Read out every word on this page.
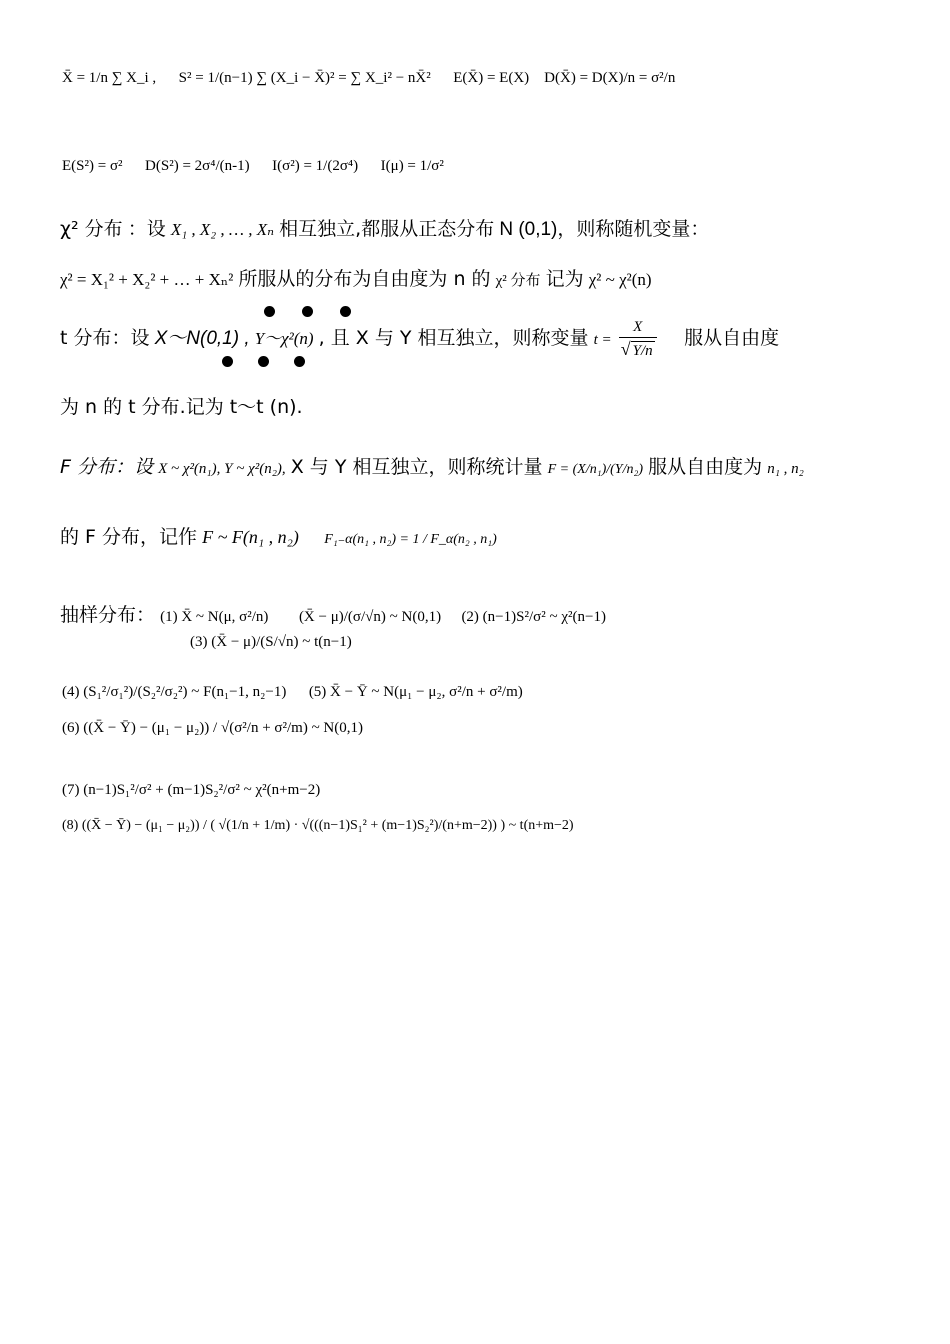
X̄ = 1/n ∑ X_i , S² = 1/(n−1) ∑ (X_i − X̄)² = ∑ X_i² − nX̄² E(X̄) = E(X) D(X̄) = D(X)/n = σ²/n
E(S²) = σ² D(S²) = 2σ⁴/(n-1) I(σ²) = 1/(2σ⁴) I(μ) = 1/σ²
χ² 分布 ：设 X₁ , X₂ , … , Xₙ 相互独立,都服从正态分布 N (0,1)，则称随机变量：
χ² = X₁² + X₂² + … + Xₙ² 所服从的分布为自由度为 n 的 χ² 分布 记为 χ² ~ χ²(n)
t 分布：设 X～N(0,1) , Y～χ²(n) , 且 X 与 Y 相互独立，则称变量 $t = \frac{X}{√ Y/n}$ 服从自由度
为 n 的 t 分布.记为 t～t (n).
F 分布：设 X ~ χ²(n₁), Y ~ χ²(n₂), X 与 Y 相互独立，则称统计量 F = (X/n₁)/(Y/n₂) 服从自由度为 n₁ , n₂
的 F 分布，记作 F ~ F(n₁ , n₂) F₁₋α(n₁ , n₂) = 1 / F_α(n₂ , n₁)
抽样分布： (1) X̄ ~ N(μ, σ²/n) (X̄ − μ)/(σ/√n) ~ N(0,1) (2) (n−1)S²/σ² ~ χ²(n−1)
(3) (X̄ − μ)/(S/√n) ~ t(n−1)
(4) (S₁²/σ₁²)/(S₂²/σ₂²) ~ F(n₁−1, n₂−1) (5) X̄ − Ȳ ~ N(μ₁ − μ₂, σ²/n + σ²/m)
(6) ((X̄ − Ȳ) − (μ₁ − μ₂)) / √(σ²/n + σ²/m) ~ N(0,1)
(7) (n−1)S₁²/σ² + (m−1)S₂²/σ² ~ χ²(n+m−2)
(8) ((X̄ − Ȳ) − (μ₁ − μ₂)) / ( √(1/n + 1/m) · √(((n−1)S₁² + (m−1)S₂²)/(n+m−2)) ) ~ t(n+m−2)
